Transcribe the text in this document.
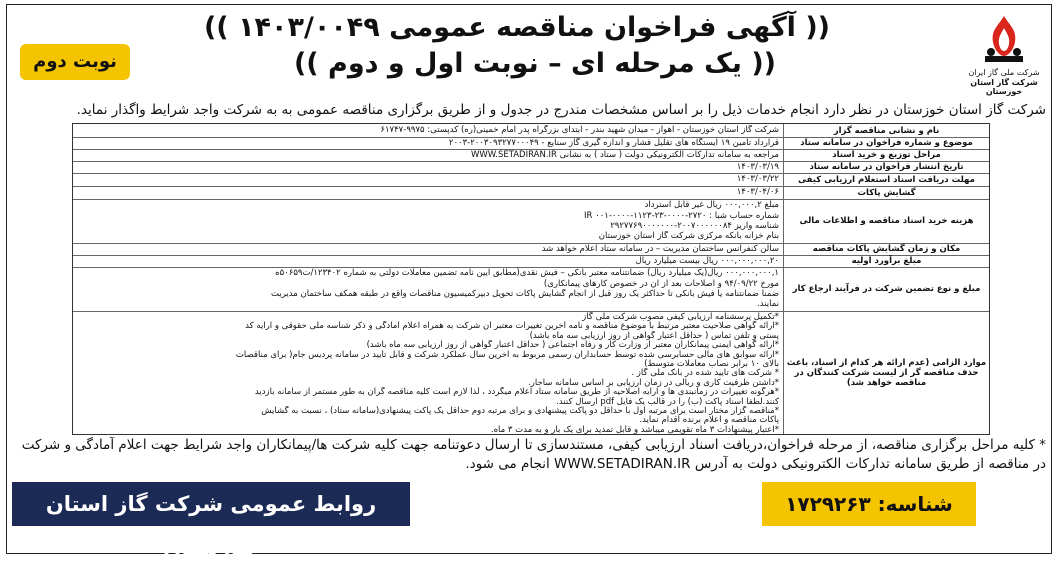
شرکت ملی گاز ایران
شرکت گاز استان خوزستان
(( آگهی فراخوان مناقصه عمومی ۱۴۰۳/۰۰۴۹ ))
(( یک مرحله ای – نوبت اول و دوم ))
نوبت دوم
شرکت گاز استان خوزستان در نظر دارد انجام خدمات ذیل را بر اساس مشخصات مندرج در جدول و از طریق برگزاری مناقصه عمومی به به شرکت واجد شرایط واگذار نماید.
نام و نشانی مناقصه گزار
شرکت گاز استان خوزستان - اهواز - میدان شهید بندر - ابتدای بزرگراه پدر امام خمینی(ره) کدپستی: ۹۹۷۵-۶۱۷۴۷
موضوع و شماره فراخوان در سامانه ستاد
قرارداد تامین ۱۹ ایستگاه های تقلیل فشار و اندازه گیری گاز سنایع - ۲۰۰۳۰۹۳۲۷۷۰۰۰۴۹-۲۰۰۳
مراحل توزیع و خرید اسناد
مراجعه به سامانه تدارکات الکترونیکی دولت ( ستاد ) به نشانی WWW.SETADIRAN.IR
تاریخ انتشار فراخوان در سامانه ستاد
۱۴۰۳/۰۳/۱۹
مهلت دریافت اسناد استعلام ارزیابی کیفی
۱۴۰۳/۰۳/۲۲
گشایش پاکات
۱۴۰۳/۰۴/۰۶
هزینه خرید اسناد مناقصه و اطلاعات مالی
مبلغ ۰۰۰,۰۰۰,۲ ریال غیر قابل استرداد
شماره حساب شبا : ۲۷۲۰-۰۰۰۰-۲۳-۱۱۲۳-۰۰۰۰-۰۰۱ IR
شناسه واریز ۲۰۰۷۰۰۰۰۰۰۸۴-۲۹۲۷۷۶۹۰۰۰۰۰۰۰
بنام خزانه بانکه مرکزی شرکت گاز استان خوزستان
مکان و زمان گشایش پاکات مناقصه
سالن کنفرانس ساختمان مدیریت – در سامانه ستاد اعلام خواهد شد
مبلغ برآورد اولیه
۰۰۰,۰۰۰,۰۰۰,۲۰ ریال بیست میلیارد ریال
مبلغ و نوع تضمین شرکت در فرآیند ارجاع کار
۰۰۰,۰۰۰,۰۰۰,۱ ریال(یک میلیارد ریال) ضمانتنامه معتبر بانکی – فیش نقدی(مطابق آیین نامه تضمین معاملات دولتی به شماره ۱۲۳۴۰۲/ت۵۰۶۵۹ه
مورخ ۹۴/۰۹/۲۲ و اصلاحات بعد از آن در خصوص کارهای پیمانکاری)
ضمنا ضمانتنامه یا فیش بانکی تا حداکثر یک روز قبل از انجام گشایش پاکات تحویل دبیرکمیسیون مناقصات واقع در طبقه همکف ساختمان مدیریت
نمایند.
موارد الزامی (عدم ارائه هر کدام از اسناد، باعث حذف مناقصه گر از لیست شرکت کنندگان در مناقصه خواهد شد)
*تکمیل پرسشنامه ارزیابی کیفی مصوب شرکت ملی گاز
*ارائه گواهی صلاحیت معتبر مرتبط با موضوع مناقصه و نامه آخرین تغییرات معتبر آن شرکت به همراه اعلام آمادگی و ذکر شناسه ملی حقوقی و ارایه کد
پستی و تلفن تماس ( حداقل اعتبار گواهی از روز ارزیابی سه ماه باشد)
*ارائه گواهی ایمنی پیمانکاران معتبر از وزارت کار و رفاه اجتماعی ( حداقل اعتبار گواهی از روز ارزیابی سه ماه باشد)
*ارائه سوابق های مالی حسابرسی شده توسط حسابداران رسمی مربوط به آخرین سال عملکرد شرکت و قابل تایید در سامانه پردیس جام( برای مناقصات
بالای ۱۰ برابر نصاب معاملات متوسط)
* شرکت های تایید شده در بانک ملی گاز .
*داشتن ظرفیت کاری و ریالی در زمان ارزیابی بر اساس سامانه ساجار.
*هرگونه تغییرات در زمانبندی ها و ارایه اصلاحیه از طریق سامانه ستاد اعلام میگردد ، لذا لازم است کلیه مناقصه گران به طور مستمر از سامانه بازدید
کنند.لطفا اسناد پاکت (ب) را در قالب یک فایل pdf ارسال کنند.
*مناقصه گزار مختار است برای مرتبه اول با حداقل دو پاکت پیشنهادی و برای مرتبه دوم حداقل یک پاکت پیشنهادی(سامانه ستاد) ، نسبت به گشایش
پاکات مناقصه و اعلام برنده اقدام نماید.
*اعتبار پیشنهادات ۳ ماه تقویمی میباشد و قابل تمدید برای یک بار و به مدت ۳ ماه.
* کلیه مراحل برگزاری مناقصه، از مرحله فراخوان،دریافت اسناد ارزیابی کیفی، مستندسازی تا ارسال دعوتنامه جهت کلیه شرکت ها/پیمانکاران واجد شرایط جهت اعلام آمادگی و شرکت
در مناقصه از طریق سامانه تدارکات الکترونیکی دولت به آدرس WWW.SETADIRAN.IR انجام می شود.
روابط عمومی شرکت گاز استان خوزستان
شناسه: ۱۷۲۹۲۶۳
